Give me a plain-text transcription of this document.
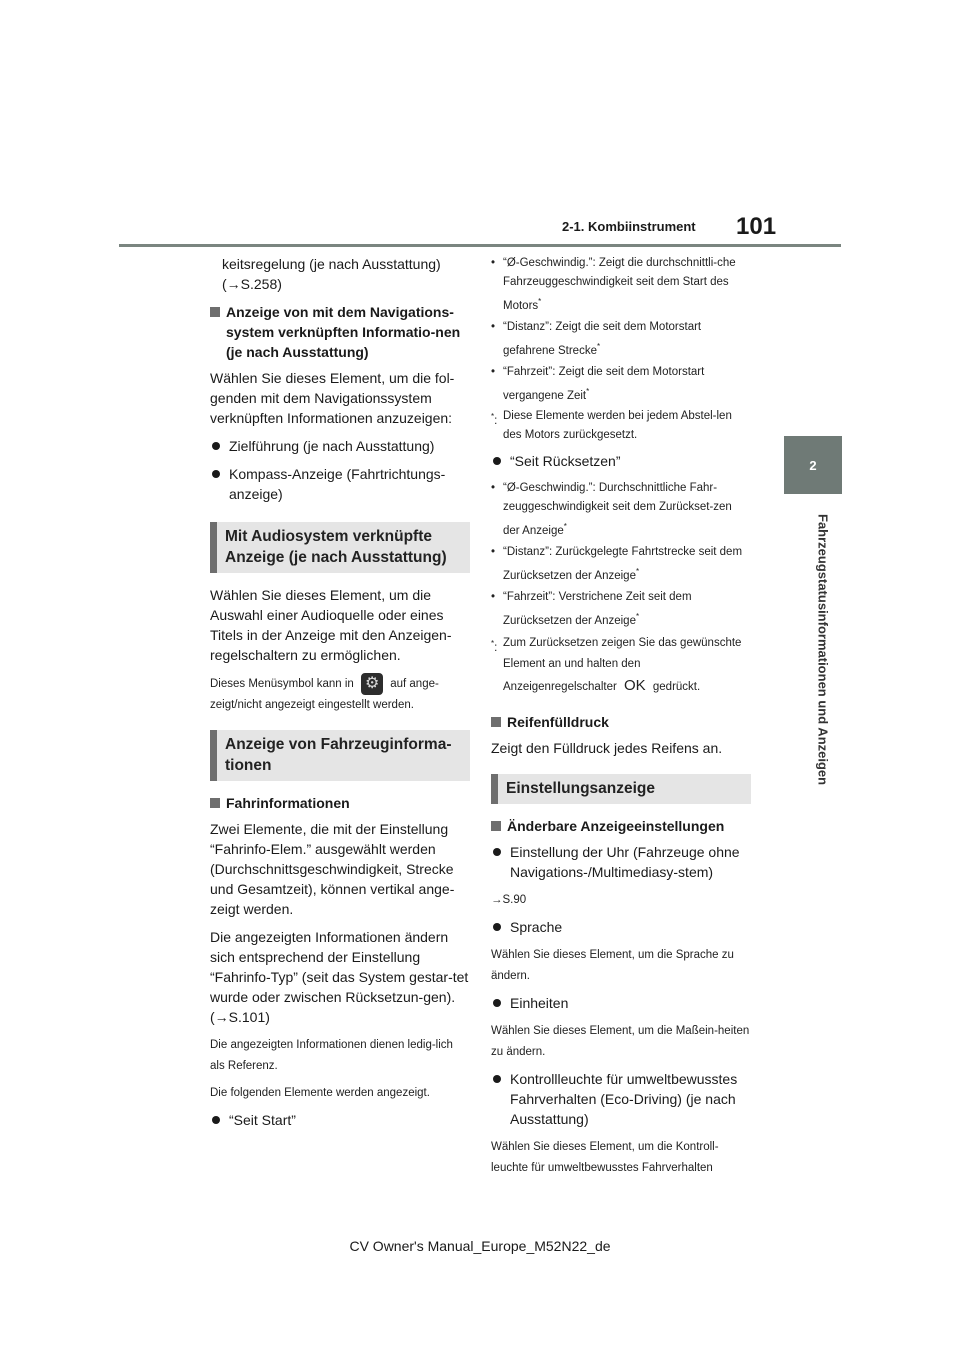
2-1. Kombiinstrument 101
2
Fahrzeugstatusinformationen und Anzeigen

keitsregelung (je nach Ausstattung) (→S.258)

Anzeige von mit dem Navigations-system verknüpften Informatio-nen (je nach Ausstattung)

Wählen Sie dieses Element, um die fol-genden mit dem Navigationssystem verknüpften Informationen anzuzeigen:

Zielführung (je nach Ausstattung)
Kompass-Anzeige (Fahrtrichtungs-anzeige)
Mit Audiosystem verknüpfte Anzeige (je nach Ausstattung)

Wählen Sie dieses Element, um die Auswahl einer Audioquelle oder eines Titels in der Anzeige mit den Anzeigen-regelschaltern zu ermöglichen.

Dieses Menüsymbol kann in ⚙	auf ange-zeigt/nicht angezeigt eingestellt werden.

Anzeige von Fahrzeuginforma-tionen
Fahrinformationen

Zwei Elemente, die mit der Einstellung “Fahrinfo-Elem.” ausgewählt werden (Durchschnittsgeschwindigkeit, Strecke und Gesamtzeit), können vertikal ange-zeigt werden.

Die angezeigten Informationen ändern sich entsprechend der Einstellung “Fahrinfo-Typ” (seit das System gestar-tet wurde oder zwischen Rücksetzun-gen). (→S.101)

Die angezeigten Informationen dienen ledig-lich als Referenz.

Die folgenden Elemente werden angezeigt.

“Seit Start”
• “Ø-Geschwindig.”: Zeigt die durchschnittli-che Fahrzeuggeschwindigkeit seit dem Start des Motors*
• “Distanz”: Zeigt die seit dem Motorstart gefahrene Strecke*
• “Fahrzeit”: Zeigt die seit dem Motorstart vergangene Zeit*
*: Diese Elemente werden bei jedem Abstel-len des Motors zurückgesetzt.
“Seit Rücksetzen”
• “Ø-Geschwindig.”: Durchschnittliche Fahr-zeuggeschwindigkeit seit dem Zurückset-zen der Anzeige*
• “Distanz”: Zurückgelegte Fahrtstrecke seit dem Zurücksetzen der Anzeige*
• “Fahrzeit”: Verstrichene Zeit seit dem Zurücksetzen der Anzeige*
*: Zum Zurücksetzen zeigen Sie das gewünschte Element an und halten den Anzeigenregelschalter OK gedrückt.
Reifenfülldruck

Zeigt den Fülldruck jedes Reifens an.

Einstellungsanzeige
Änderbare Anzeigeeinstellungen
Einstellung der Uhr (Fahrzeuge ohne Navigations-/Multimediasy-stem)

→S.90

Sprache

Wählen Sie dieses Element, um die Sprache zu ändern.

Einheiten

Wählen Sie dieses Element, um die Maßein-heiten zu ändern.

Kontrollleuchte für umweltbewusstes Fahrverhalten (Eco-Driving) (je nach Ausstattung)

Wählen Sie dieses Element, um die Kontroll-leuchte für umweltbewusstes Fahrverhalten

CV Owner's Manual_Europe_M52N22_de
